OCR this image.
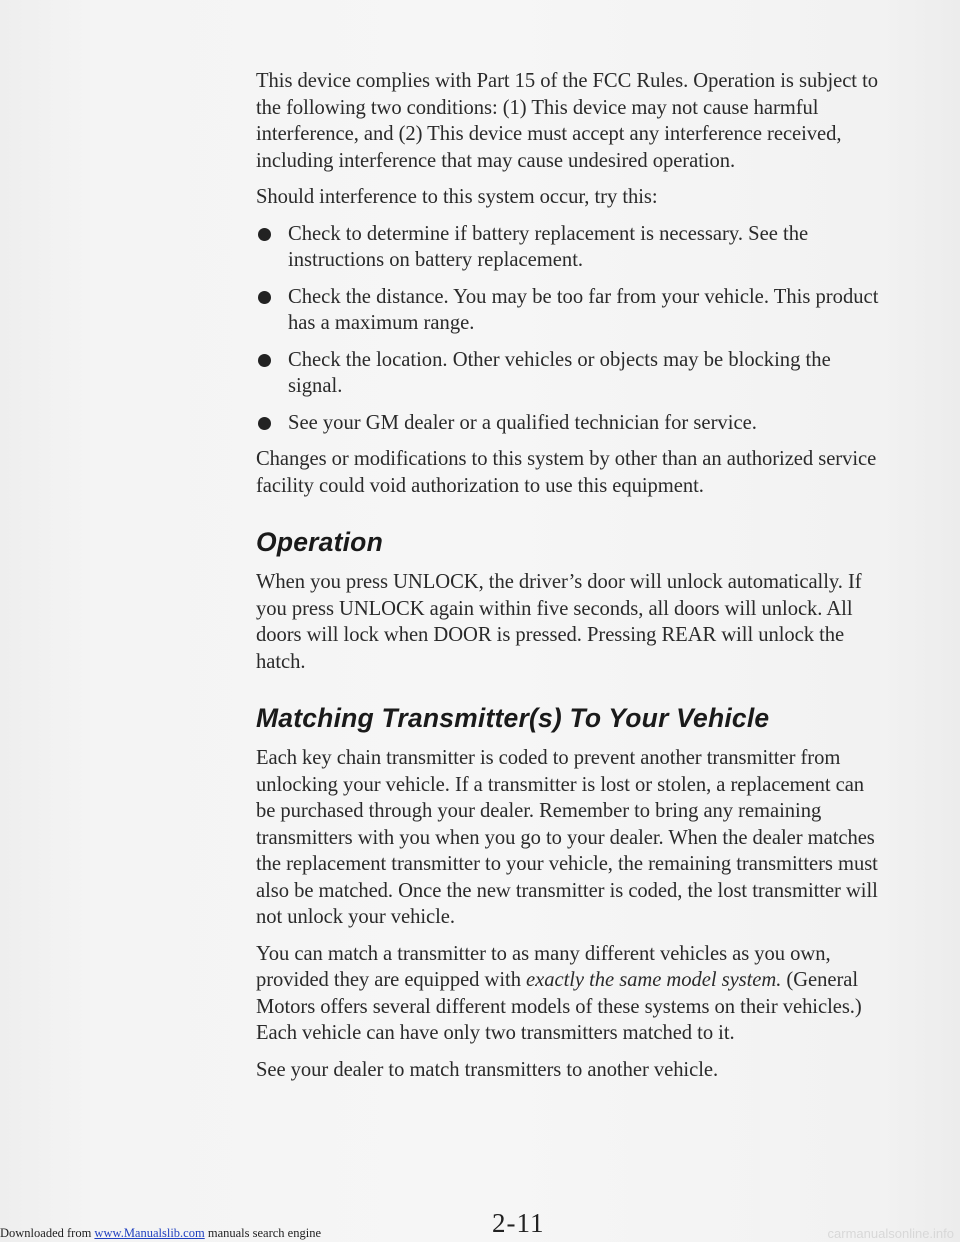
This device complies with Part 15 of the FCC Rules. Operation is subject to
the following two conditions: (1) This device may not cause harmful
interference, and (2) This device must accept any interference received,
including interference that may cause undesired operation.

Should interference to this system occur, try this:

Check to determine if battery replacement is necessary. See the
instructions on battery replacement.
Check the distance. You may be too far from your vehicle. This product
has a maximum range.
Check the location. Other vehicles or objects may be blocking the
signal.
See your GM dealer or a qualified technician for service.

Changes or modifications to this system by other than an authorized service
facility could void authorization to use this equipment.

Operation

When you press UNLOCK, the driver’s door will unlock automatically. If
you press UNLOCK again within five seconds, all doors will unlock. All
doors will lock when DOOR is pressed. Pressing REAR will unlock the
hatch.

Matching Transmitter(s) To Your Vehicle

Each key chain transmitter is coded to prevent another transmitter from
unlocking your vehicle. If a transmitter is lost or stolen, a replacement can
be purchased through your dealer. Remember to bring any remaining
transmitters with you when you go to your dealer. When the dealer matches
the replacement transmitter to your vehicle, the remaining transmitters must
also be matched. Once the new transmitter is coded, the lost transmitter will
not unlock your vehicle.

You can match a transmitter to as many different vehicles as you own,
provided they are equipped with exactly the same model system. (General
Motors offers several different models of these systems on their vehicles.)
Each vehicle can have only two transmitters matched to it.

See your dealer to match transmitters to another vehicle.

2-11
Downloaded from www.Manualslib.com manuals search engine	carmanualsonline.info
